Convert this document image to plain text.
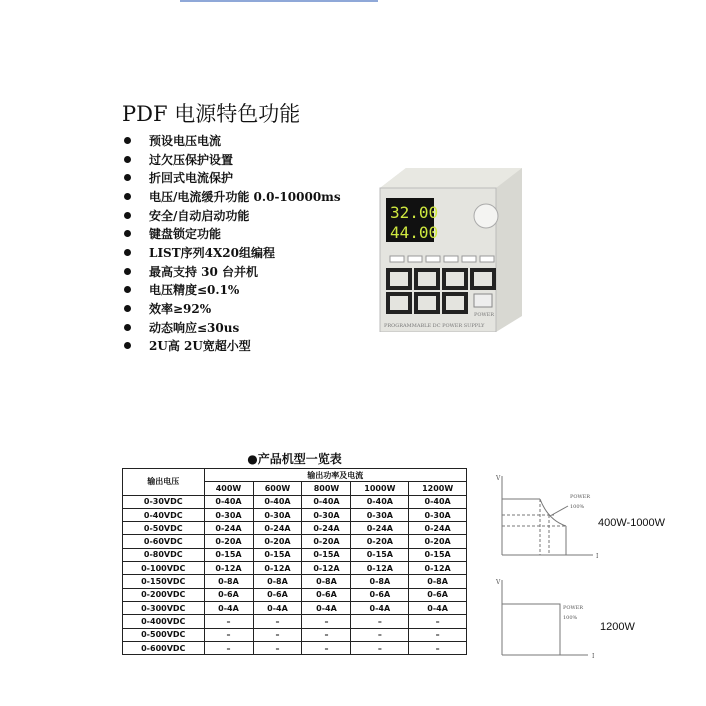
PDF 电源特色功能
预设电压电流
过欠压保护设置
折回式电流保护
电压/电流缓升功能 0.0-10000ms
安全/自动启动功能
键盘锁定功能
LIST序列4X20组编程
最高支持 30 台并机
电压精度≤0.1%
效率≥92%
动态响应≤30us
2U高 2U宽超小型
32.00
44.00
POWER
PROGRAMMABLE DC POWER SUPPLY
●产品机型一览表
输出电压	输出功率及电流				
	400W	600W	800W	1000W	1200W
0-30VDC	0-40A	0-40A	0-40A	0-40A	0-40A
0-40VDC	0-30A	0-30A	0-30A	0-30A	0-30A
0-50VDC	0-24A	0-24A	0-24A	0-24A	0-24A
0-60VDC	0-20A	0-20A	0-20A	0-20A	0-20A
0-80VDC	0-15A	0-15A	0-15A	0-15A	0-15A
0-100VDC	0-12A	0-12A	0-12A	0-12A	0-12A
0-150VDC	0-8A	0-8A	0-8A	0-8A	0-8A
0-200VDC	0-6A	0-6A	0-6A	0-6A	0-6A
0-300VDC	0-4A	0-4A	0-4A	0-4A	0-4A
0-400VDC	–	–	–	–	–
0-500VDC	–	–	–	–	–
0-600VDC	–	–	–	–	–
V
I
POWER
100%
V
I
POWER
100%
400W-1000W
1200W
